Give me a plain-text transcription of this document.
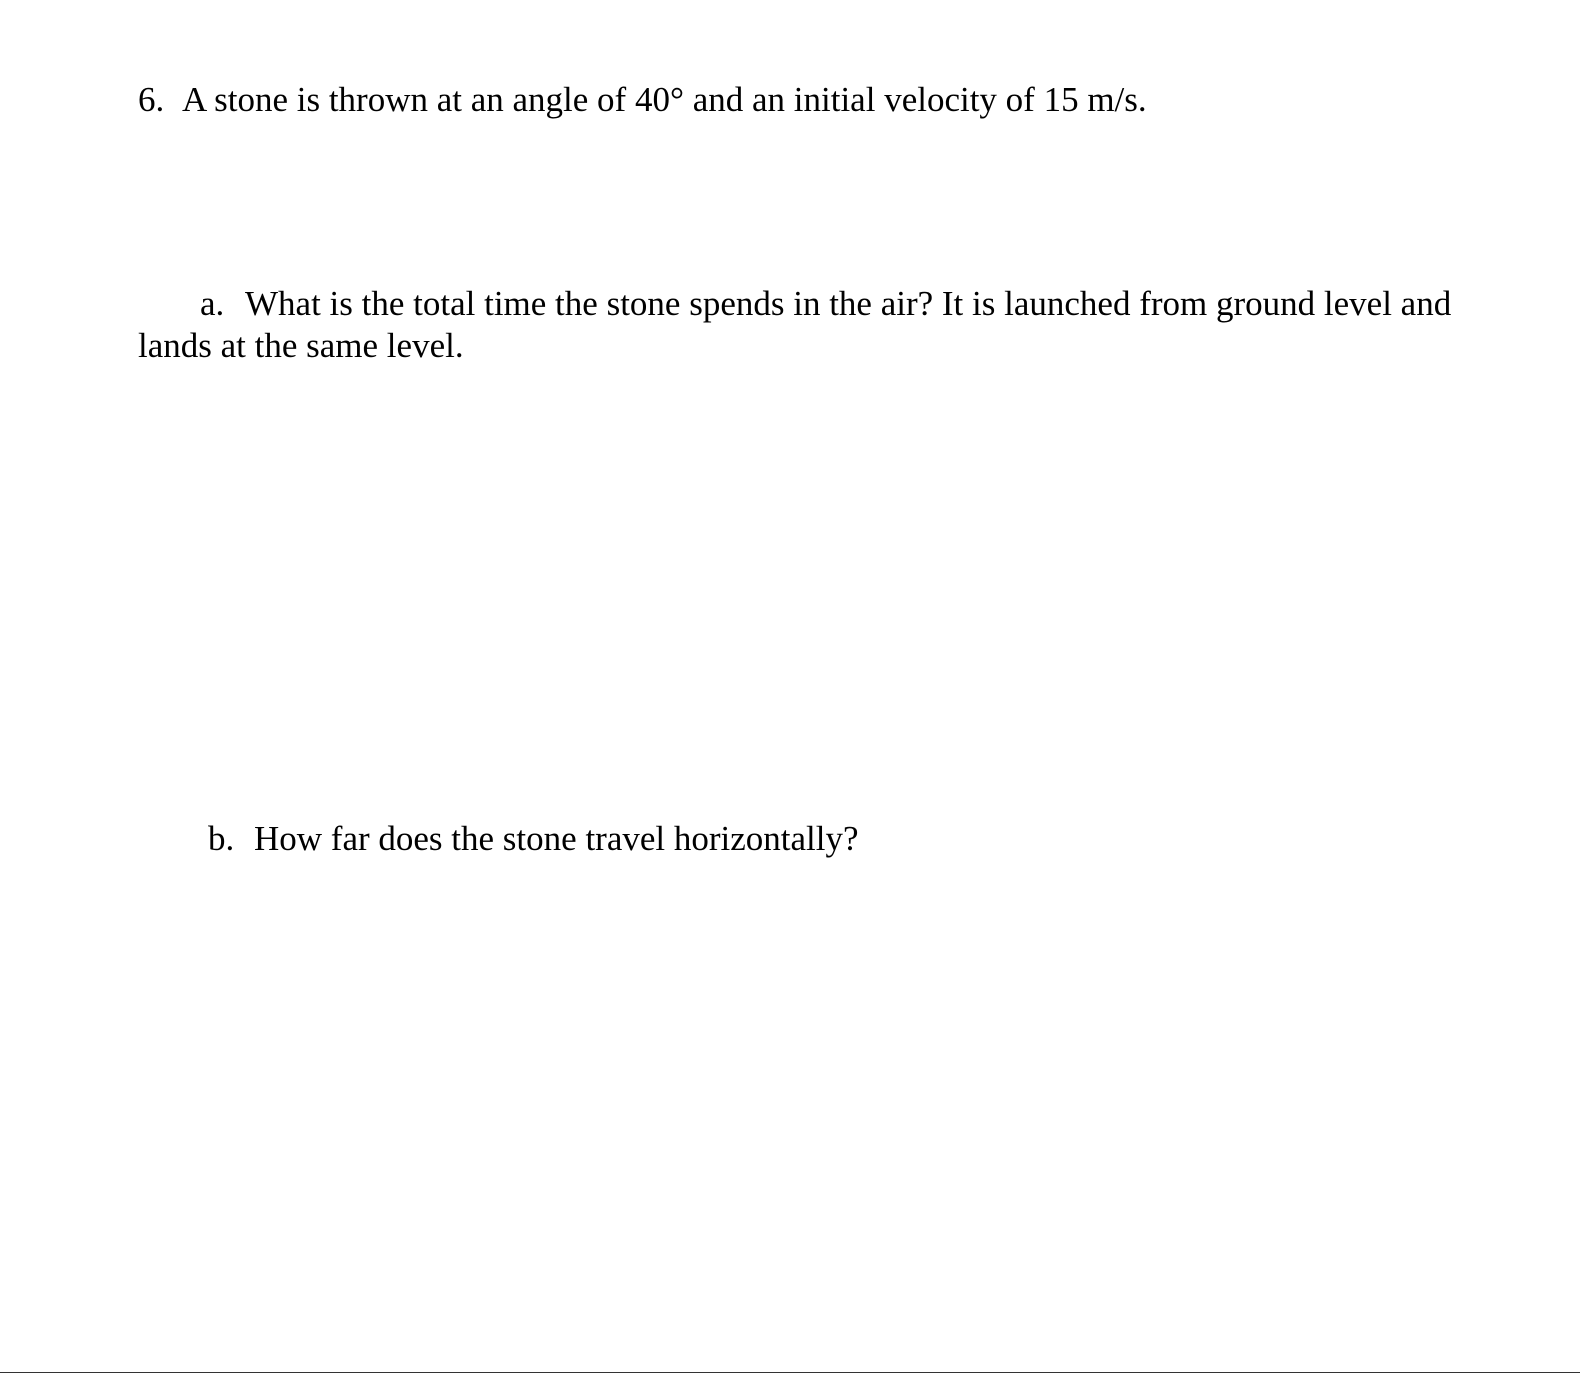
6. A stone is thrown at an angle of 40° and an initial velocity of 15 m/s.

a. What is the total time the stone spends in the air? It is launched from ground level and lands at the same level.

b. How far does the stone travel horizontally?
